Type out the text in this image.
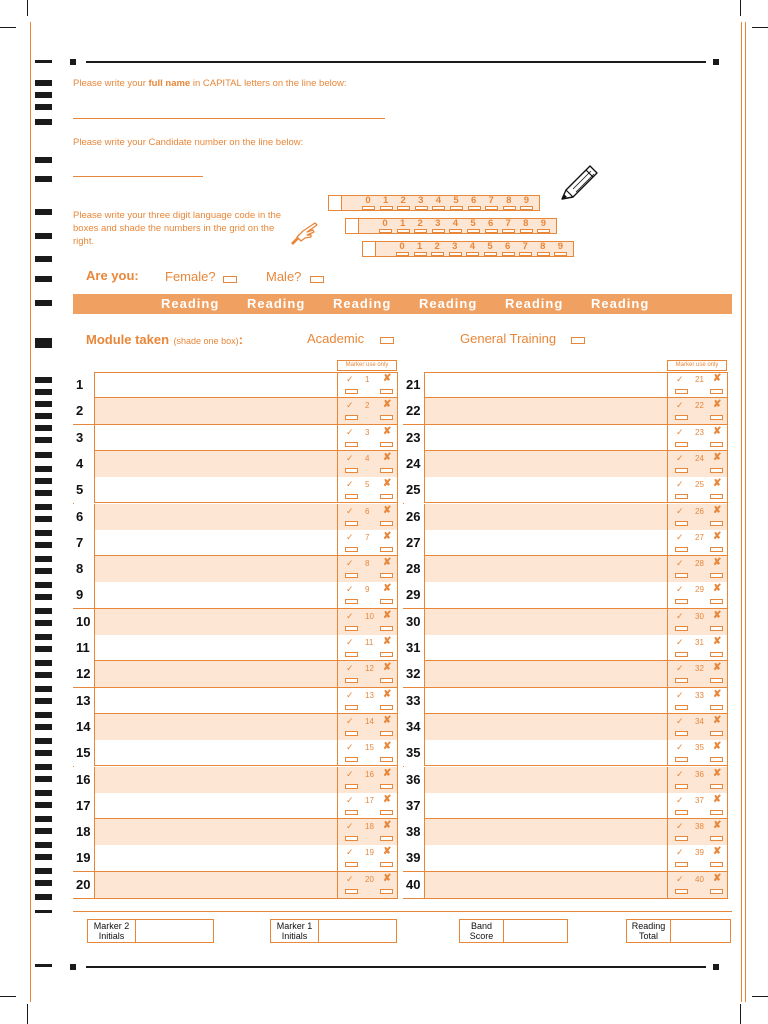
Please write your full name in CAPITAL letters on the line below:
Please write your Candidate number on the line below:
Please write your three digit language code in the boxes and shade the numbers in the grid on the right.
Are you: Female?	Male?
Reading Reading Reading Reading Reading Reading
Module taken (shade one box):	Academic	General Training
Marker use only	Marker use only
1	✓ 1 ✘
2	✓ 2 ✘
3	✓ 3 ✘
4	✓ 4 ✘
5	✓ 5 ✘
6	✓ 6 ✘
7	✓ 7 ✘
8	✓ 8 ✘
9	✓ 9 ✘
10	✓ 10 ✘
11	✓ 11 ✘
12	✓ 12 ✘
13	✓ 13 ✘
14	✓ 14 ✘
15	✓ 15 ✘
16	✓ 16 ✘
17	✓ 17 ✘
18	✓ 18 ✘
19	✓ 19 ✘
20	✓ 20 ✘
21	✓ 21 ✘
22	✓ 22 ✘
23	✓ 23 ✘
24	✓ 24 ✘
25	✓ 25 ✘
26	✓ 26 ✘
27	✓ 27 ✘
28	✓ 28 ✘
29	✓ 29 ✘
30	✓ 30 ✘
31	✓ 31 ✘
32	✓ 32 ✘
33	✓ 33 ✘
34	✓ 34 ✘
35	✓ 35 ✘
36	✓ 36 ✘
37	✓ 37 ✘
38	✓ 38 ✘
39	✓ 39 ✘
40	✓ 40 ✘
Marker 2
Initials
Marker 1
Initials
Band
Score
Reading
Total
0	1	2	3	4	5	6	7	8	9
0	1	2	3	4	5	6	7	8	9
0	1	2	3	4	5	6	7	8	9
